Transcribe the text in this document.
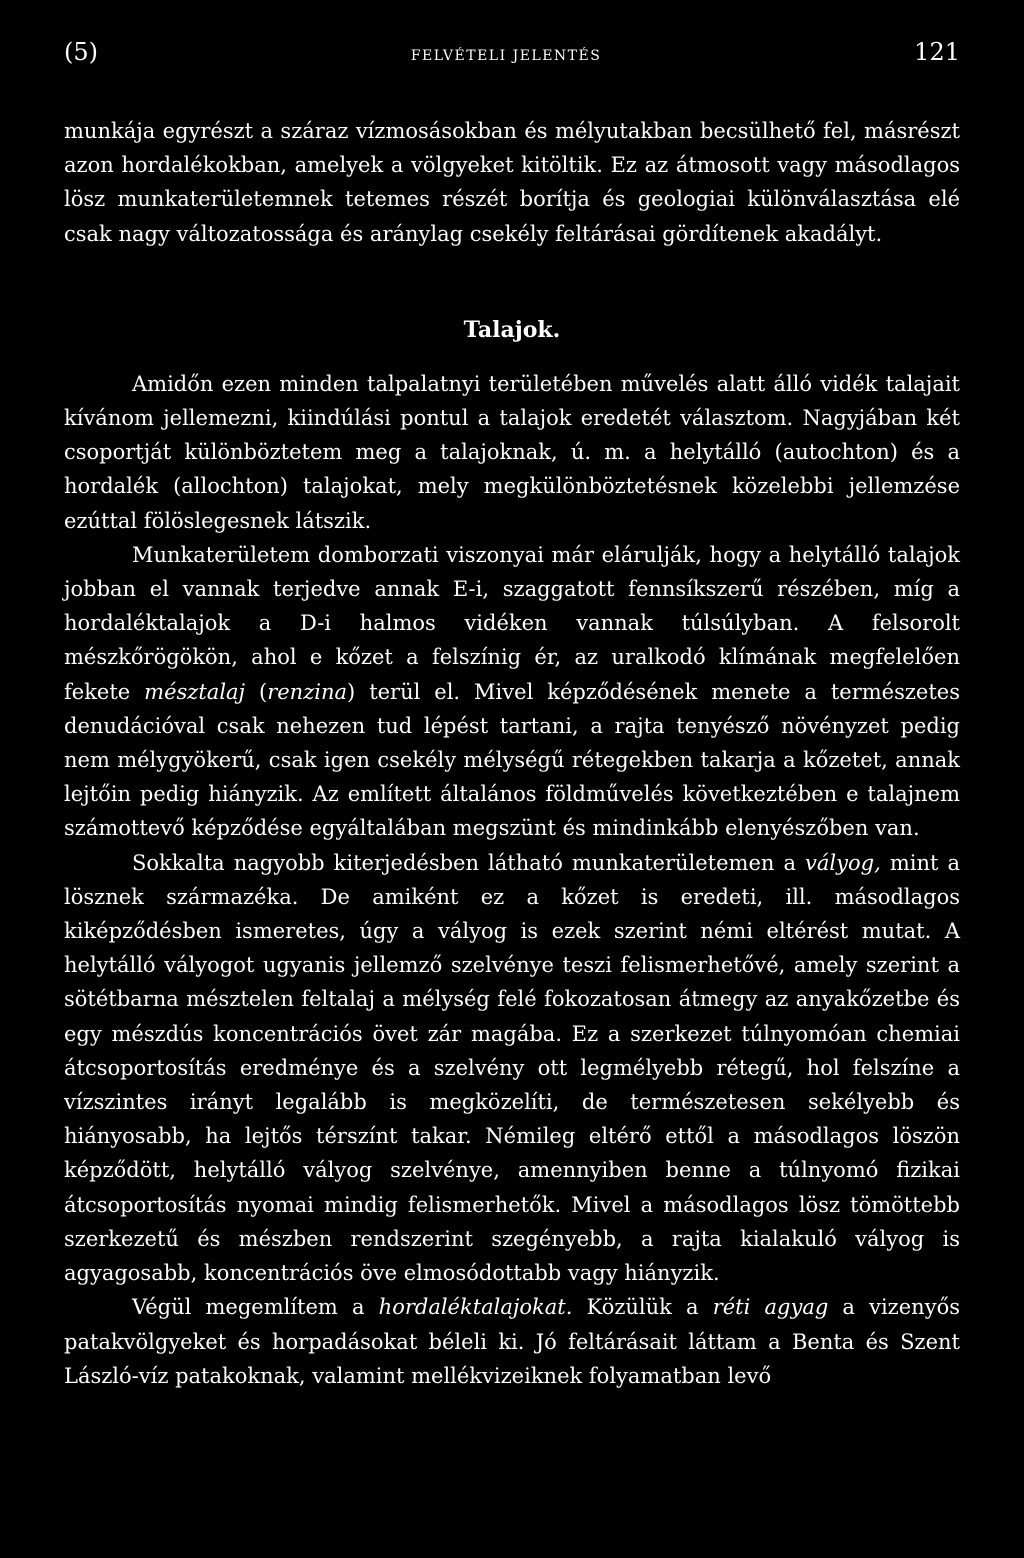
(5)	FELVÉTELI JELENTÉS	121

munkája egyrészt a száraz vízmosásokban és mélyutakban becsülhető fel, másrészt azon hordalékokban, amelyek a völgyeket kitöltik. Ez az átmosott vagy másodlagos lösz munkaterületemnek tetemes részét borítja és geologiai különválasztása elé csak nagy változatossága és aránylag csekély feltárásai gördítenek akadályt.

Talajok.

Amidőn ezen minden talpalatnyi területében művelés alatt álló vidék talajait kívánom jellemezni, kiindúlási pontul a talajok eredetét választom. Nagyjában két csoportját különböztetem meg a talajoknak, ú. m. a helytálló (autochton) és a hordalék (allochton) talajokat, mely megkülönböztetésnek közelebbi jellemzése ezúttal fölöslegesnek látszik.

Munkaterületem domborzati viszonyai már elárulják, hogy a helytálló talajok jobban el vannak terjedve annak E-i, szaggatott fennsíkszerű részében, míg a hordaléktalajok a D-i halmos vidéken vannak túlsúlyban. A felsorolt mészkőrögökön, ahol e kőzet a felszínig ér, az uralkodó klímának megfelelően fekete mésztalaj (renzina) terül el. Mivel képződésének menete a természetes denudációval csak nehezen tud lépést tartani, a rajta tenyésző növényzet pedig nem mélygyökerű, csak igen csekély mélységű rétegekben takarja a kőzetet, annak lejtőin pedig hiányzik. Az említett általános földművelés következtében e talajnem számottevő képződése egyáltalában megszünt és mindinkább elenyészőben van.

Sokkalta nagyobb kiterjedésben látható munkaterületemen a vályog, mint a lösznek származéka. De amiként ez a kőzet is eredeti, ill. másodlagos kiképződésben ismeretes, úgy a vályog is ezek szerint némi eltérést mutat. A helytálló vályogot ugyanis jellemző szelvénye teszi felismerhetővé, amely szerint a sötétbarna mésztelen feltalaj a mélység felé fokozatosan átmegy az anyakőzetbe és egy mészdús koncentrációs övet zár magába. Ez a szerkezet túlnyomóan chemiai átcsoportosítás eredménye és a szelvény ott legmélyebb rétegű, hol felszíne a vízszintes irányt legalább is megközelíti, de természetesen sekélyebb és hiányosabb, ha lejtős térszínt takar. Némileg eltérő ettől a másodlagos löszön képződött, helytálló vályog szelvénye, amennyiben benne a túlnyomó fizikai átcsoportosítás nyomai mindig felismerhetők. Mivel a másodlagos lösz tömöttebb szerkezetű és mészben rendszerint szegényebb, a rajta kialakuló vályog is agyagosabb, koncentrációs öve elmosódottabb vagy hiányzik.

Végül megemlítem a hordaléktalajokat. Közülük a réti agyag a vizenyős patakvölgyeket és horpadásokat béleli ki. Jó feltárásait láttam a Benta és Szent László-víz patakoknak, valamint mellékvizeiknek folyamatban levő
